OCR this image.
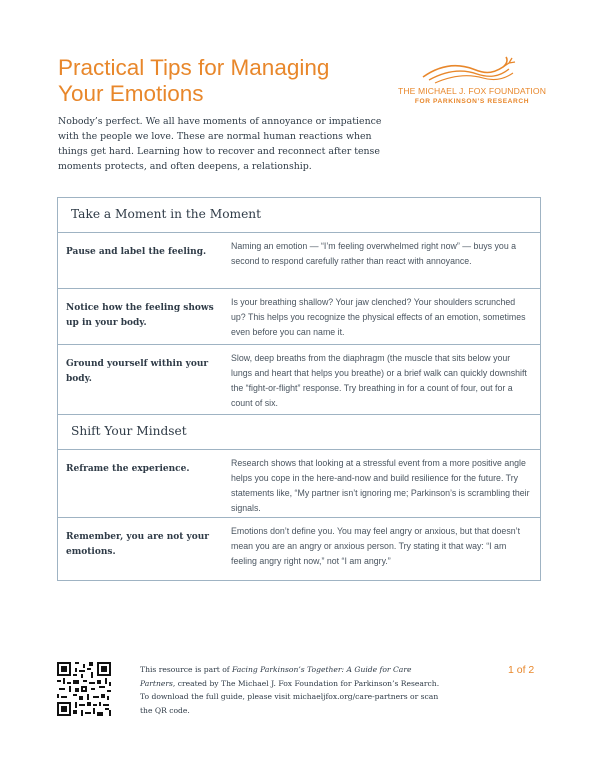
Practical Tips for Managing
Your Emotions	THE MICHAEL J. FOX FOUNDATION
FOR PARKINSON’S RESEARCH

Nobody’s perfect. We all have moments of annoyance or impatience with the people we love. These are normal human reactions when things get hard. Learning how to recover and reconnect after tense moments protects, and often deepens, a relationship.

Take a Moment in the Moment
Pause and label the feeling.
Naming an emotion — “I’m feeling overwhelmed right now” — buys you a second to respond carefully rather than react with annoyance.
Notice how the feeling shows up in your body.
Is your breathing shallow? Your jaw clenched? Your shoulders scrunched up? This helps you recognize the physical effects of an emotion, sometimes even before you can name it.
Ground yourself within your body.
Slow, deep breaths from the diaphragm (the muscle that sits below your lungs and heart that helps you breathe) or a brief walk can quickly downshift the “fight-or-flight” response. Try breathing in for a count of four, out for a count of six.
Shift Your Mindset
Reframe the experience.
Research shows that looking at a stressful event from a more positive angle helps you cope in the here-and-now and build resilience for the future. Try statements like, “My partner isn’t ignoring me; Parkinson’s is scrambling their signals.
Remember, you are not your emotions.
Emotions don’t define you. You may feel angry or anxious, but that doesn’t mean you are an angry or anxious person. Try stating it that way: “I am feeling angry right now,” not “I am angry.”
This resource is part of Facing Parkinson’s Together: A Guide for Care Partners, created by The Michael J. Fox Foundation for Parkinson’s Research. To download the full guide, please visit michaeljfox.org/care-partners or scan the QR code.
1 of 2
